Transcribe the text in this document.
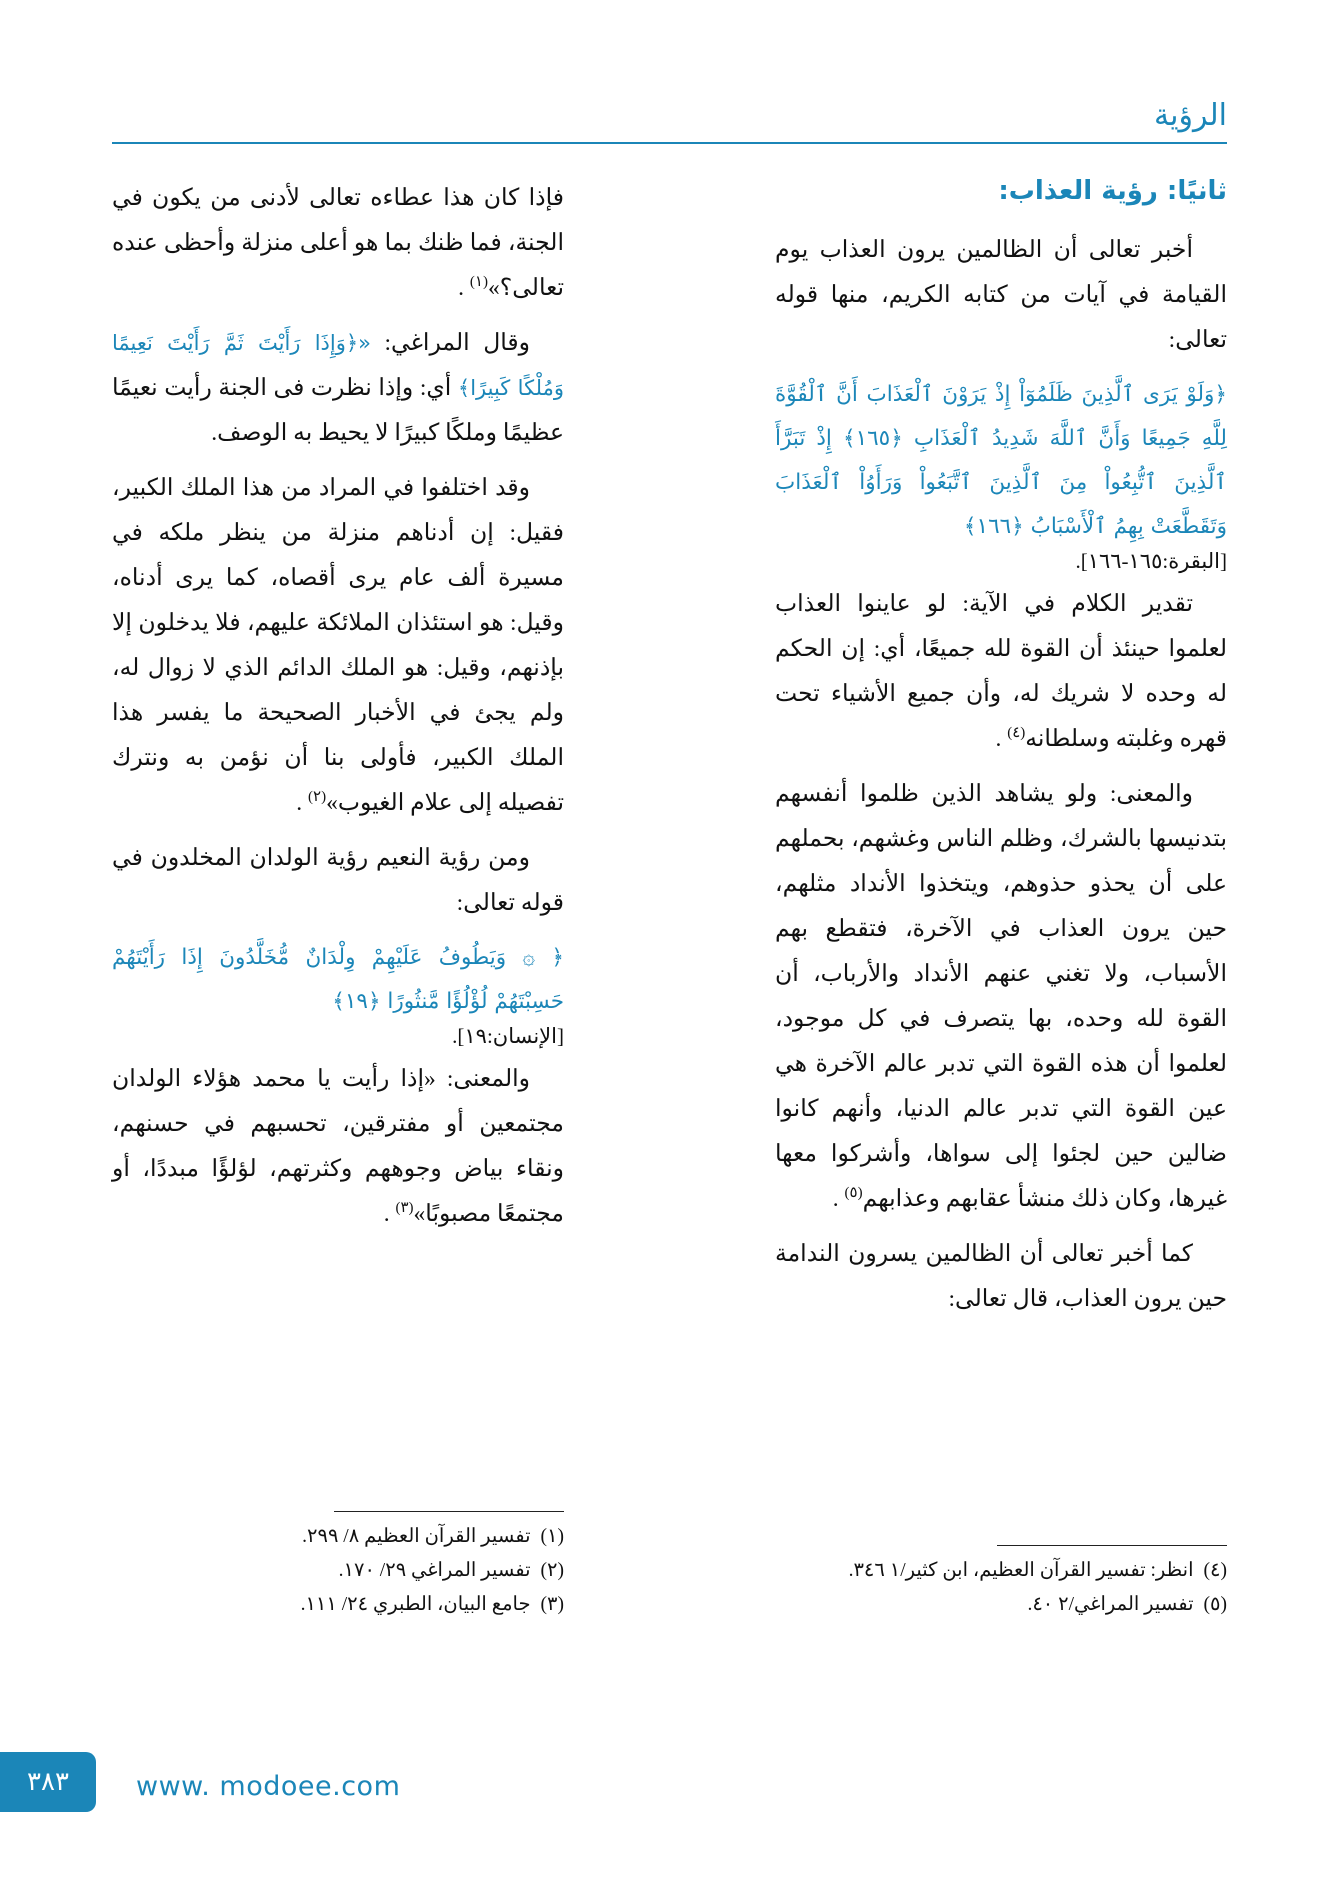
الرؤية
ثانيًا: رؤية العذاب:

أخبر تعالى أن الظالمين يرون العذاب يوم القيامة في آيات من كتابه الكريم، منها قوله تعالى:

﴿وَلَوْ يَرَى ٱلَّذِينَ ظَلَمُوٓاْ إِذْ يَرَوْنَ ٱلْعَذَابَ أَنَّ ٱلْقُوَّةَ لِلَّهِ جَمِيعًا وَأَنَّ ٱللَّهَ شَدِيدُ ٱلْعَذَابِ ﴿١٦٥﴾ إِذْ تَبَرَّأَ ٱلَّذِينَ ٱتُّبِعُواْ مِنَ ٱلَّذِينَ ٱتَّبَعُواْ وَرَأَوُاْ ٱلْعَذَابَ وَتَقَطَّعَتْ بِهِمُ ٱلْأَسْبَابُ ﴿١٦٦﴾

[البقرة:١٦٥-١٦٦].

تقدير الكلام في الآية: لو عاينوا العذاب لعلموا حينئذ أن القوة لله جميعًا، أي: إن الحكم له وحده لا شريك له، وأن جميع الأشياء تحت قهره وغلبته وسلطانه$^{(٤)}$ .

والمعنى: ولو يشاهد الذين ظلموا أنفسهم بتدنيسها بالشرك، وظلم الناس وغشهم، بحملهم على أن يحذو حذوهم، ويتخذوا الأنداد مثلهم، حين يرون العذاب في الآخرة، فتقطع بهم الأسباب، ولا تغني عنهم الأنداد والأرباب، أن القوة لله وحده، بها يتصرف في كل موجود، لعلموا أن هذه القوة التي تدبر عالم الآخرة هي عين القوة التي تدبر عالم الدنيا، وأنهم كانوا ضالين حين لجئوا إلى سواها، وأشركوا معها غيرها، وكان ذلك منشأ عقابهم وعذابهم$^{(٥)}$ .

كما أخبر تعالى أن الظالمين يسرون الندامة حين يرون العذاب، قال تعالى:

فإذا كان هذا عطاءه تعالى لأدنى من يكون في الجنة، فما ظنك بما هو أعلى منزلة وأحظى عنده تعالى؟»$^{(١)}$ .

وقال المراغي: «﴿وَإِذَا رَأَيْتَ ثَمَّ رَأَيْتَ نَعِيمًا وَمُلْكًا كَبِيرًا﴾ أي: وإذا نظرت فى الجنة رأيت نعيمًا عظيمًا وملكًا كبيرًا لا يحيط به الوصف.

وقد اختلفوا في المراد من هذا الملك الكبير، فقيل: إن أدناهم منزلة من ينظر ملكه في مسيرة ألف عام يرى أقصاه، كما يرى أدناه، وقيل: هو استئذان الملائكة عليهم، فلا يدخلون إلا بإذنهم، وقيل: هو الملك الدائم الذي لا زوال له، ولم يجئ في الأخبار الصحيحة ما يفسر هذا الملك الكبير، فأولى بنا أن نؤمن به ونترك تفصيله إلى علام الغيوب»$^{(٢)}$ .

ومن رؤية النعيم رؤية الولدان المخلدون في قوله تعالى:

﴿ ۞ وَيَطُوفُ عَلَيْهِمْ وِلْدَانٌ مُّخَلَّدُونَ إِذَا رَأَيْتَهُمْ حَسِبْتَهُمْ لُؤْلُؤًا مَّنثُورًا ﴿١٩﴾

[الإنسان:١٩].

والمعنى: «إذا رأيت يا محمد هؤلاء الولدان مجتمعين أو مفترقين، تحسبهم في حسنهم، ونقاء بياض وجوههم وكثرتهم، لؤلؤًا مبددًا، أو مجتمعًا مصبوبًا»$^{(٣)}$ .

(٤)
انظر: تفسير القرآن العظيم، ابن كثير/١ ٣٤٦.
(٥)
تفسير المراغي/٢ ٤٠.
(١)
تفسير القرآن العظيم ٨/ ٢٩٩.
(٢)
تفسير المراغي ٢٩/ ١٧٠.
(٣)
جامع البيان، الطبري ٢٤/ ١١١.
٣٨٣	www. modoee.com
